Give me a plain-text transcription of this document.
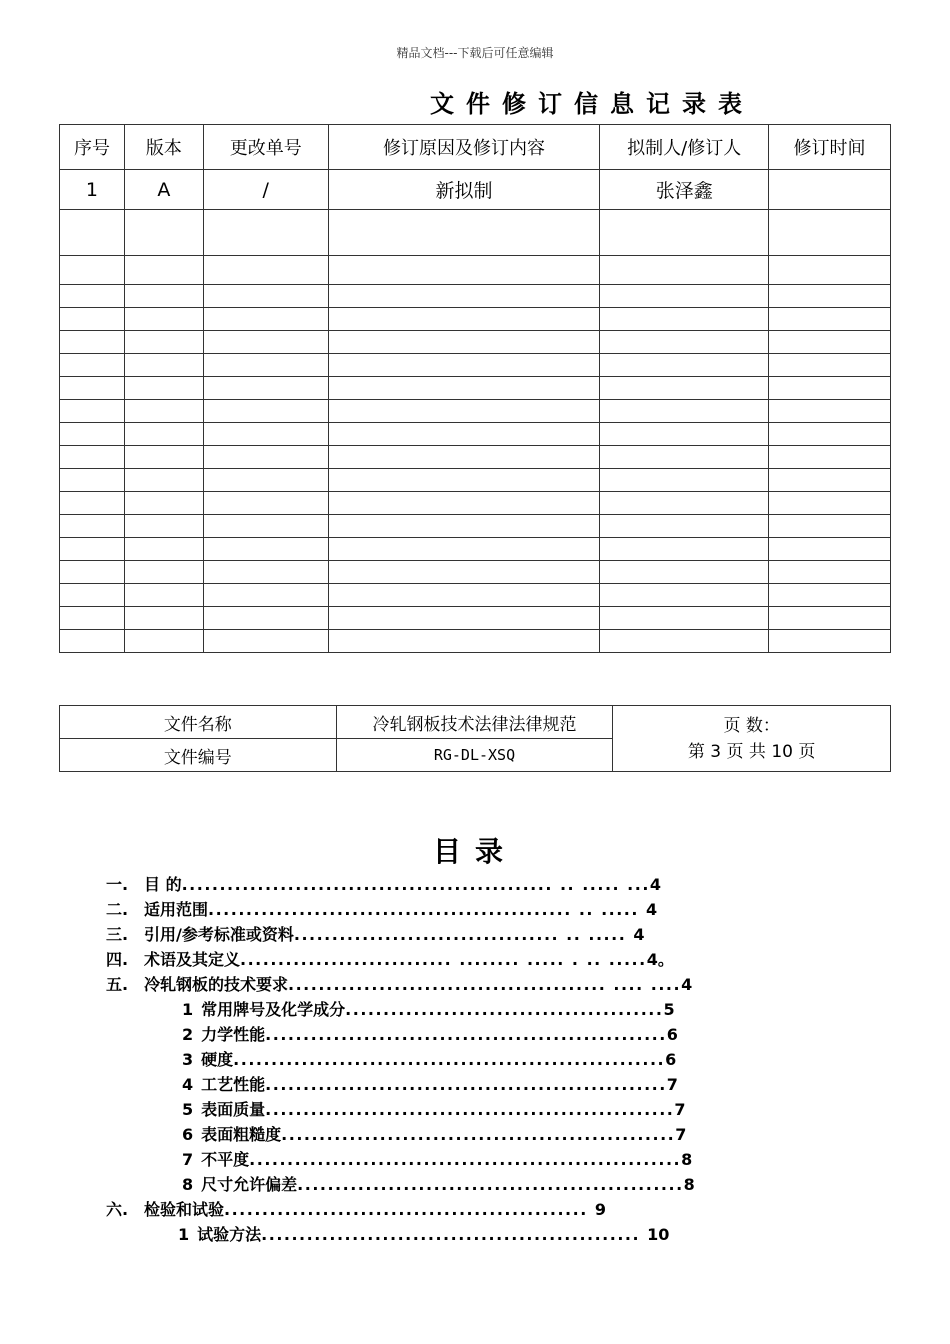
精品文档---下载后可任意编辑
文件修订信息记录表
序号	版本	更改单号	修订原因及修订内容	拟制人/修订人	修订时间
1	A	/	新拟制	张泽鑫	

文件名称	冷轧钢板技术法律法律规范	页 数：
第 3 页 共 10 页

文件编号	RG-DL-XSQ	
目录
一. 目 的................................................. .. ..... ...4
二. 适用范围................................................ .. ..... 4
三. 引用/参考标准或资料................................... .. ..... 4
四. 术语及其定义............................ ........ ..... . .. .....4。
五. 冷轧钢板的技术要求.......................................... .... ....4
1 常用牌号及化学成分..........................................5
2 力学性能.....................................................6
3 硬度.........................................................6
4 工艺性能.....................................................7
5 表面质量......................................................7
6 表面粗糙度....................................................7
7 不平度.........................................................8
8 尺寸允许偏差...................................................8
六. 检验和试验................................................ 9
1 试验方法.................................................. 10
